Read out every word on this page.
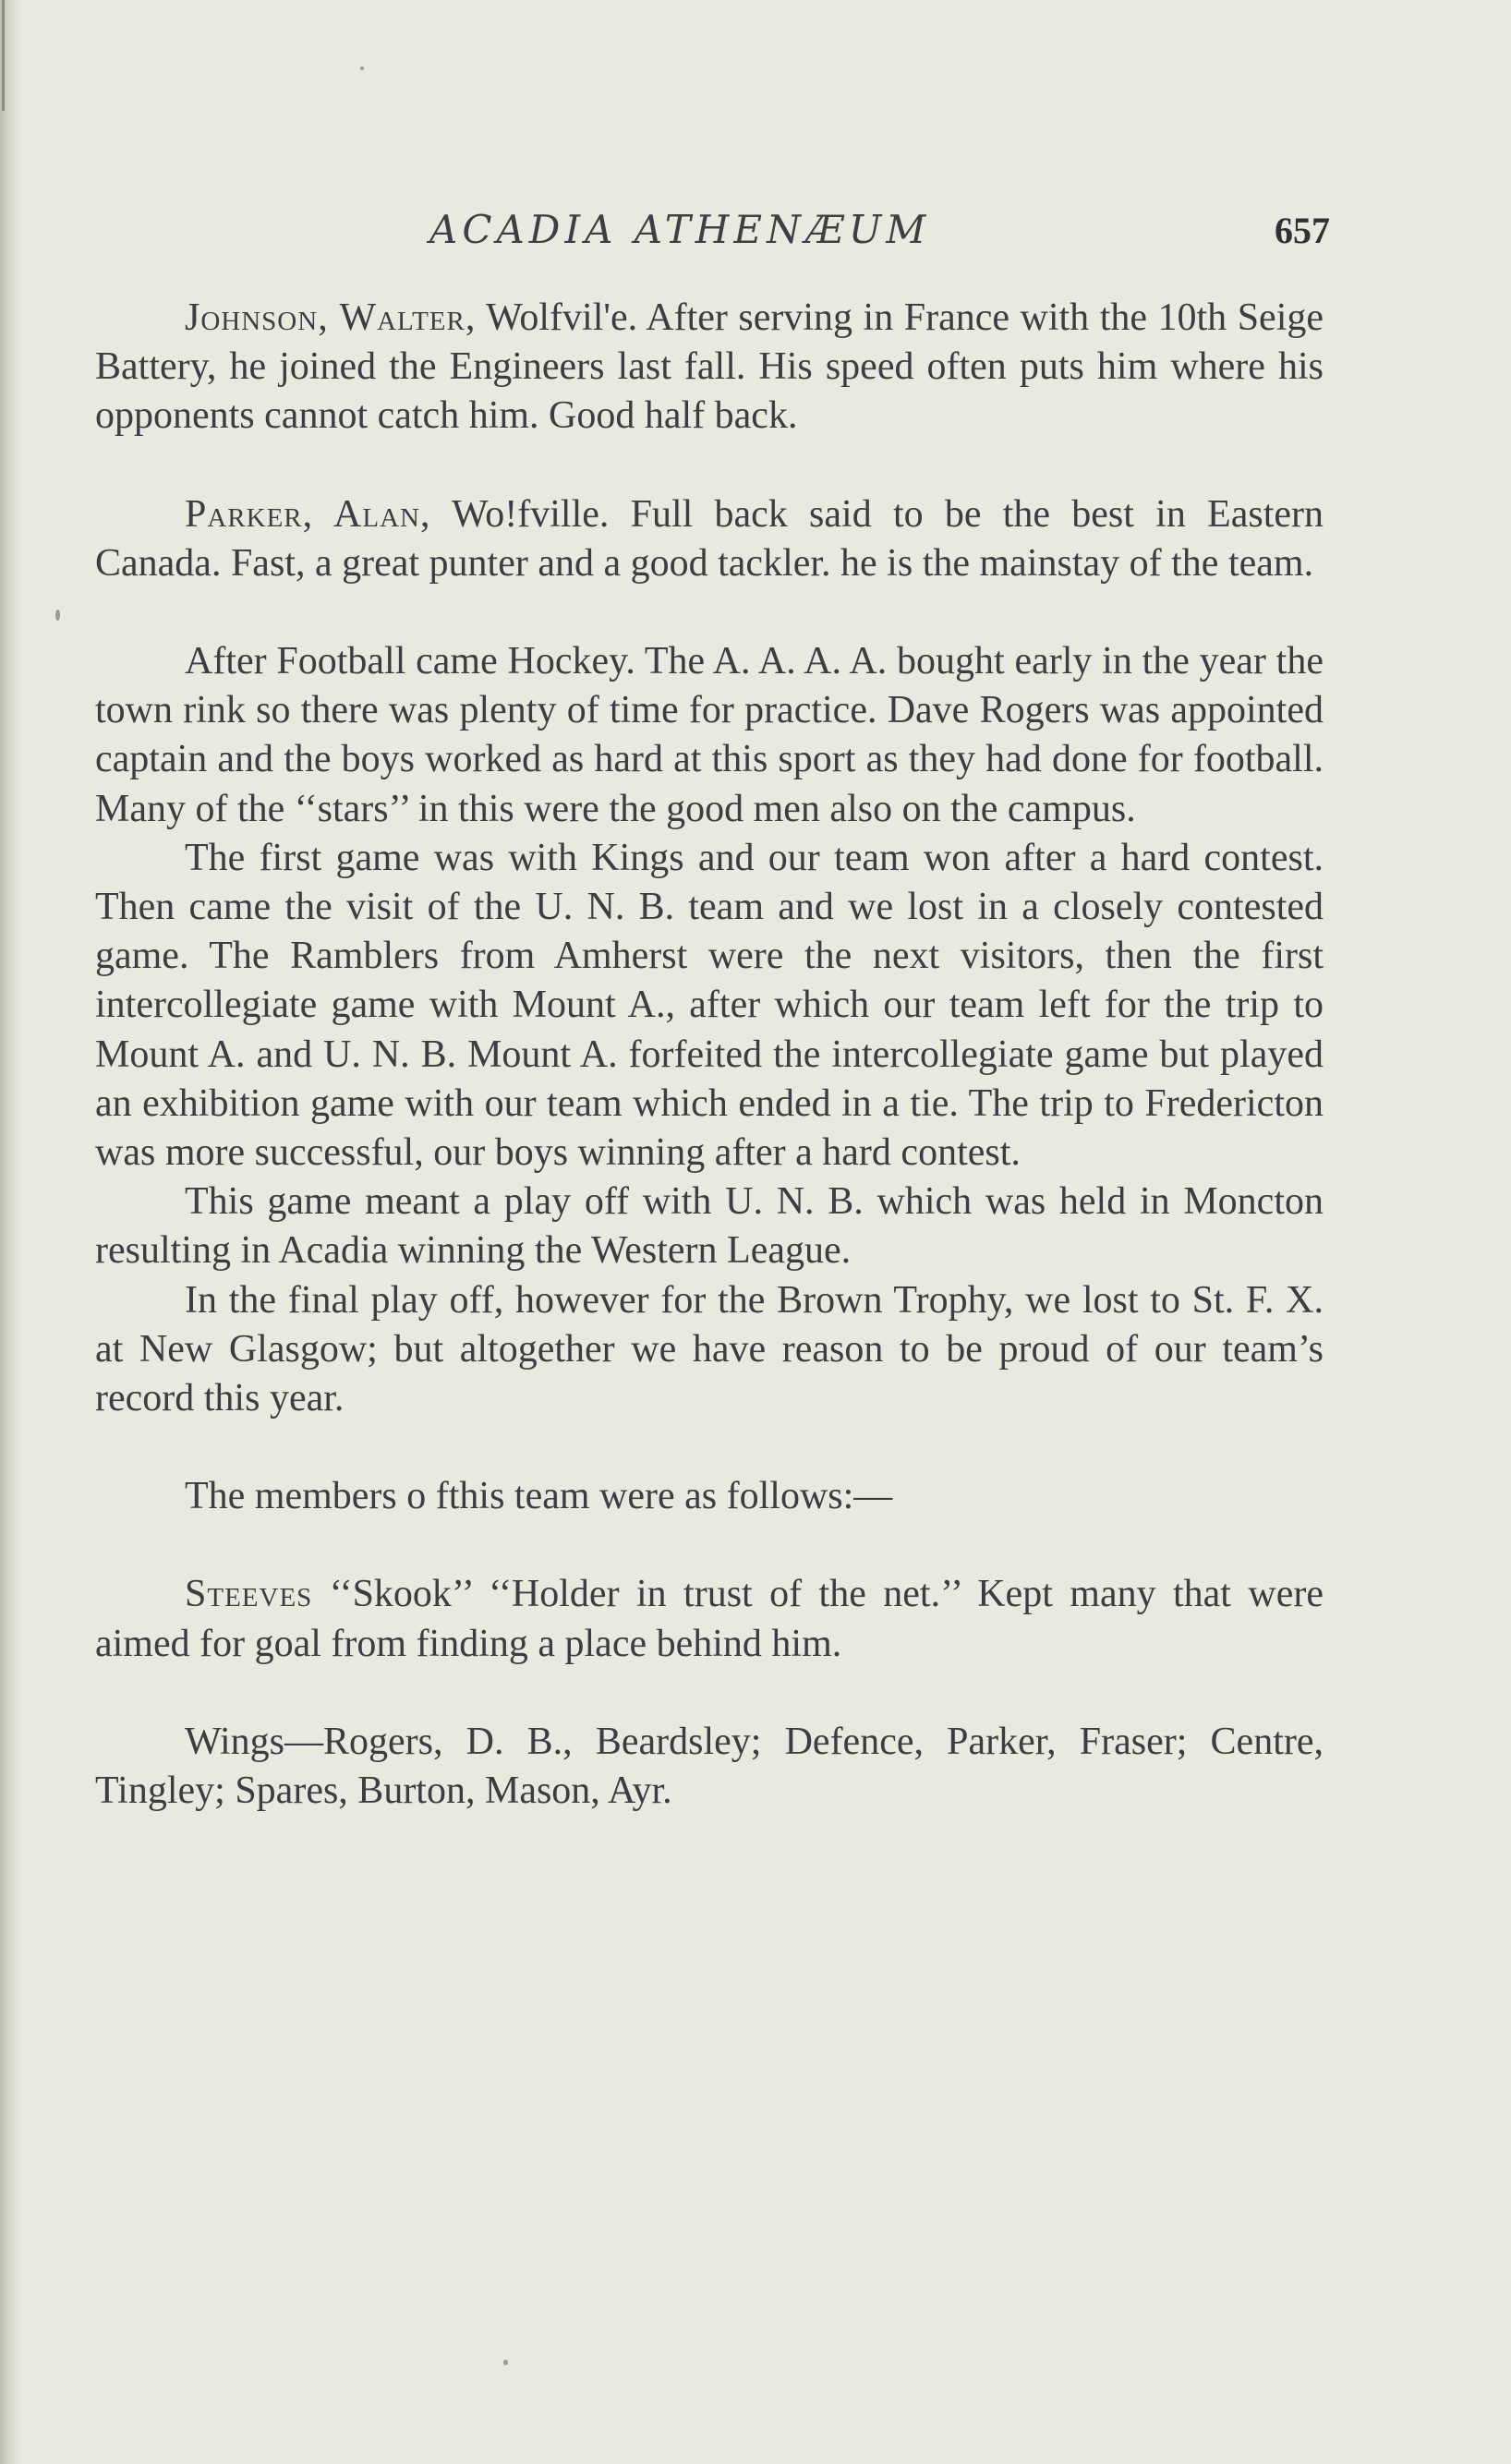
ACADIA ATHENÆUM	657

Johnson, Walter, Wolfvil'e. After serving in France with the 10th Seige Battery, he joined the Engineers last fall. His speed often puts him where his opponents cannot catch him. Good half back.

Parker, Alan, Wo!fville. Full back said to be the best in Eastern Canada. Fast, a great punter and a good tackler. he is the mainstay of the team.

After Football came Hockey. The A. A. A. A. bought early in the year the town rink so there was plenty of time for practice. Dave Rogers was appointed captain and the boys worked as hard at this sport as they had done for football. Many of the ‘‘stars’’ in this were the good men also on the campus.

The first game was with Kings and our team won after a hard contest. Then came the visit of the U. N. B. team and we lost in a closely contested game. The Ramblers from Amherst were the next visitors, then the first intercollegiate game with Mount A., after which our team left for the trip to Mount A. and U. N. B. Mount A. forfeited the intercollegiate game but played an exhibition game with our team which ended in a tie. The trip to Fredericton was more successful, our boys winning after a hard contest.

This game meant a play off with U. N. B. which was held in Moncton resulting in Acadia winning the Western League.

In the final play off, however for the Brown Trophy, we lost to St. F. X. at New Glasgow; but altogether we have reason to be proud of our team’s record this year.

The members o fthis team were as follows:—

Steeves ‘‘Skook’’ ‘‘Holder in trust of the net.’’ Kept many that were aimed for goal from finding a place behind him.

Wings—Rogers, D. B., Beardsley; Defence, Parker, Fraser; Centre, Tingley; Spares, Burton, Mason, Ayr.
